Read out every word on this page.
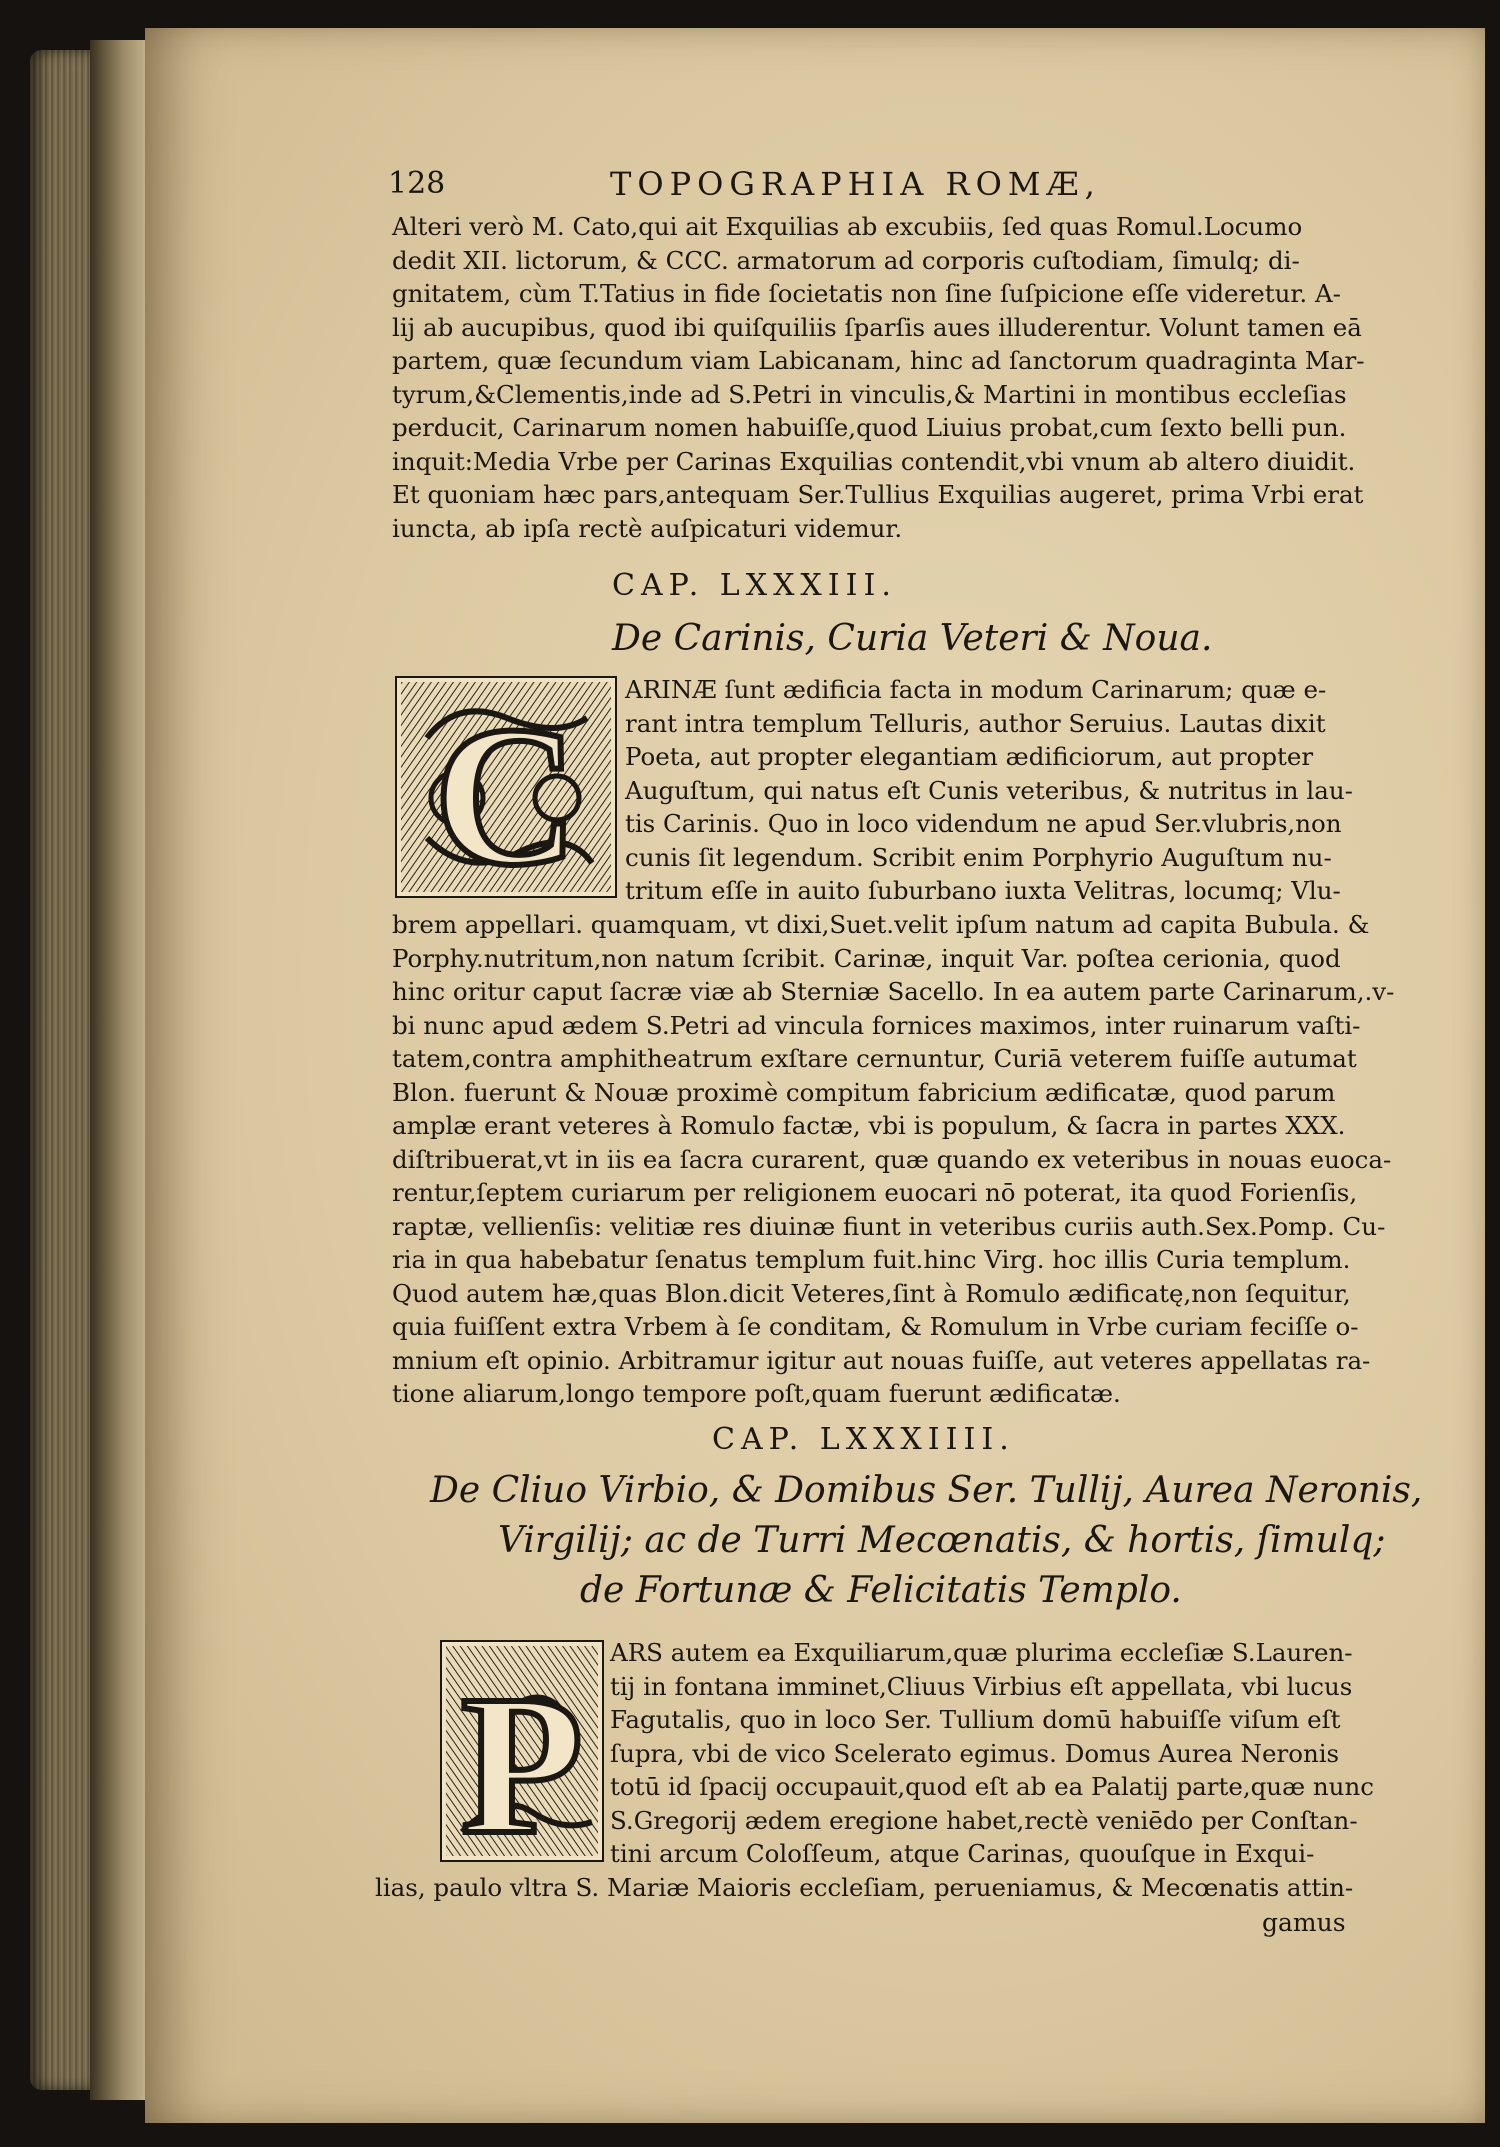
128	TOPOGRAPHIA ROMÆ,
Alteri verò M. Cato,qui ait Exquilias ab excubiis, ſed quas Romul.Locumo
dedit XII. lictorum, & CCC. armatorum ad corporis cuſtodiam, ſimulq; di-
gnitatem, cùm T.Tatius in fide ſocietatis non ſine ſuſpicione eſſe videretur. A-
lij ab aucupibus, quod ibi quiſquiliis ſparſis aues illuderentur. Volunt tamen eā
partem, quæ ſecundum viam Labicanam, hinc ad ſanctorum quadraginta Mar-
tyrum,&Clementis,inde ad S.Petri in vinculis,& Martini in montibus eccleſias
perducit, Carinarum nomen habuiſſe,quod Liuius probat,cum ſexto belli pun.
inquit:Media Vrbe per Carinas Exquilias contendit,vbi vnum ab altero diuidit.
Et quoniam hæc pars,antequam Ser.Tullius Exquilias augeret, prima Vrbi erat
iuncta, ab ipſa rectè auſpicaturi videmur.
CAP. LXXXIII.
De Carinis, Curia Veteri & Noua.
C ARINÆ ſunt ædificia facta in modum Carinarum; quæ e-
rant intra templum Telluris, author Seruius. Lautas dixit
Poeta, aut propter elegantiam ædificiorum, aut propter
Auguſtum, qui natus eſt Cunis veteribus, & nutritus in lau-
tis Carinis. Quo in loco videndum ne apud Ser.vlubris,non
cunis ſit legendum. Scribit enim Porphyrio Auguſtum nu-
tritum eſſe in auito ſuburbano iuxta Velitras, locumq; Vlu-
brem appellari. quamquam, vt dixi,Suet.velit ipſum natum ad capita Bubula. &
Porphy.nutritum,non natum ſcribit. Carinæ, inquit Var. poſtea cerionia, quod
hinc oritur caput ſacræ viæ ab Sterniæ Sacello. In ea autem parte Carinarum,.v-
bi nunc apud ædem S.Petri ad vincula fornices maximos, inter ruinarum vaſti-
tatem,contra amphitheatrum exſtare cernuntur, Curiā veterem fuiſſe autumat
Blon. fuerunt & Nouæ proximè compitum fabricium ædificatæ, quod parum
amplæ erant veteres à Romulo factæ, vbi is populum, & ſacra in partes XXX.
diſtribuerat,vt in iis ea ſacra curarent, quæ quando ex veteribus in nouas euoca-
rentur,ſeptem curiarum per religionem euocari nō poterat, ita quod Forienſis,
raptæ, vellienſis: velitiæ res diuinæ fiunt in veteribus curiis auth.Sex.Pomp. Cu-
ria in qua habebatur ſenatus templum fuit.hinc Virg. hoc illis Curia templum.
Quod autem hæ,quas Blon.dicit Veteres,ſint à Romulo ædificatę,non ſequitur,
quia fuiſſent extra Vrbem à ſe conditam, & Romulum in Vrbe curiam feciſſe o-
mnium eſt opinio. Arbitramur igitur aut nouas fuiſſe, aut veteres appellatas ra-
tione aliarum,longo tempore poſt,quam fuerunt ædificatæ.
CAP. LXXXIIII.
De Cliuo Virbio, & Domibus Ser. Tullij, Aurea Neronis,
Virgilij; ac de Turri Mecœnatis, & hortis, ſimulq;
de Fortunæ & Felicitatis Templo.
P
ARS autem ea Exquiliarum,quæ plurima eccleſiæ S.Lauren-
tij in fontana imminet,Cliuus Virbius eſt appellata, vbi lucus
Fagutalis, quo in loco Ser. Tullium domū habuiſſe viſum eſt
ſupra, vbi de vico Scelerato egimus. Domus Aurea Neronis
totū id ſpacij occupauit,quod eſt ab ea Palatij parte,quæ nunc
S.Gregorij ædem eregione habet,rectè veniēdo per Conſtan-
tini arcum Coloſſeum, atque Carinas, quouſque in Exqui-
lias, paulo vltra S. Mariæ Maioris eccleſiam, perueniamus, & Mecœnatis attin-
gamus
